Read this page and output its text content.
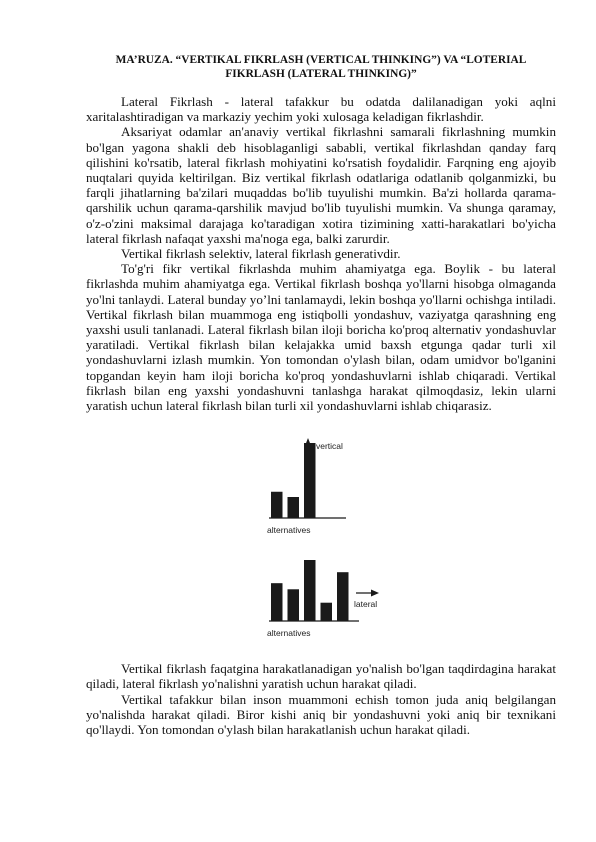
MA’RUZA. “VERTIKAL FIKRLASH (VERTICAL THINKING”) VA “LOTERIAL FIKRLASH (LATERAL THINKING)”

Lateral Fikrlash - lateral tafakkur bu odatda dalilanadigan yoki aqlni xaritalashtiradigan va markaziy yechim yoki xulosaga keladigan fikrlashdir.

Aksariyat odamlar an'anaviy vertikal fikrlashni samarali fikrlashning mumkin bo'lgan yagona shakli deb hisoblaganligi sababli, vertikal fikrlashdan qanday farq qilishini ko'rsatib, lateral fikrlash mohiyatini ko'rsatish foydalidir. Farqning eng ajoyib nuqtalari quyida keltirilgan. Biz vertikal fikrlash odatlariga odatlanib qolganmizki, bu farqli jihatlarning ba'zilari muqaddas bo'lib tuyulishi mumkin. Ba'zi hollarda qarama-qarshilik uchun qarama-qarshilik mavjud bo'lib tuyulishi mumkin. Va shunga qaramay, o'z-o'zini maksimal darajaga ko'taradigan xotira tizimining xatti-harakatlari bo'yicha lateral fikrlash nafaqat yaxshi ma'noga ega, balki zarurdir.

Vertikal fikrlash selektiv, lateral fikrlash generativdir.

To'g'ri fikr vertikal fikrlashda muhim ahamiyatga ega. Boylik - bu lateral fikrlashda muhim ahamiyatga ega. Vertikal fikrlash boshqa yo'llarni hisobga olmaganda yo'lni tanlaydi. Lateral bunday yo’lni tanlamaydi, lekin boshqa yo'llarni ochishga intiladi. Vertikal fikrlash bilan muammoga eng istiqbolli yondashuv, vaziyatga qarashning eng yaxshi usuli tanlanadi. Lateral fikrlash bilan iloji boricha ko'proq alternativ yondashuvlar yaratiladi. Vertikal fikrlash bilan kelajakka umid baxsh etgunga qadar turli xil yondashuvlarni izlash mumkin. Yon tomondan o'ylash bilan, odam umidvor bo'lganini topgandan keyin ham iloji boricha ko'proq yondashuvlarni ishlab chiqaradi. Vertikal fikrlash bilan eng yaxshi yondashuvni tanlashga harakat qilmoqdasiz, lekin ularni yaratish uchun lateral fikrlash bilan turli xil yondashuvlarni ishlab chiqarasiz.

vertical
alternatives
lateral
alternatives

Vertikal fikrlash faqatgina harakatlanadigan yo'nalish bo'lgan taqdirdagina harakat qiladi, lateral fikrlash yo'nalishni yaratish uchun harakat qiladi.

Vertikal tafakkur bilan inson muammoni echish tomon juda aniq belgilangan yo'nalishda harakat qiladi. Biror kishi aniq bir yondashuvni yoki aniq bir texnikani qo'llaydi. Yon tomondan o'ylash bilan harakatlanish uchun harakat qiladi.
